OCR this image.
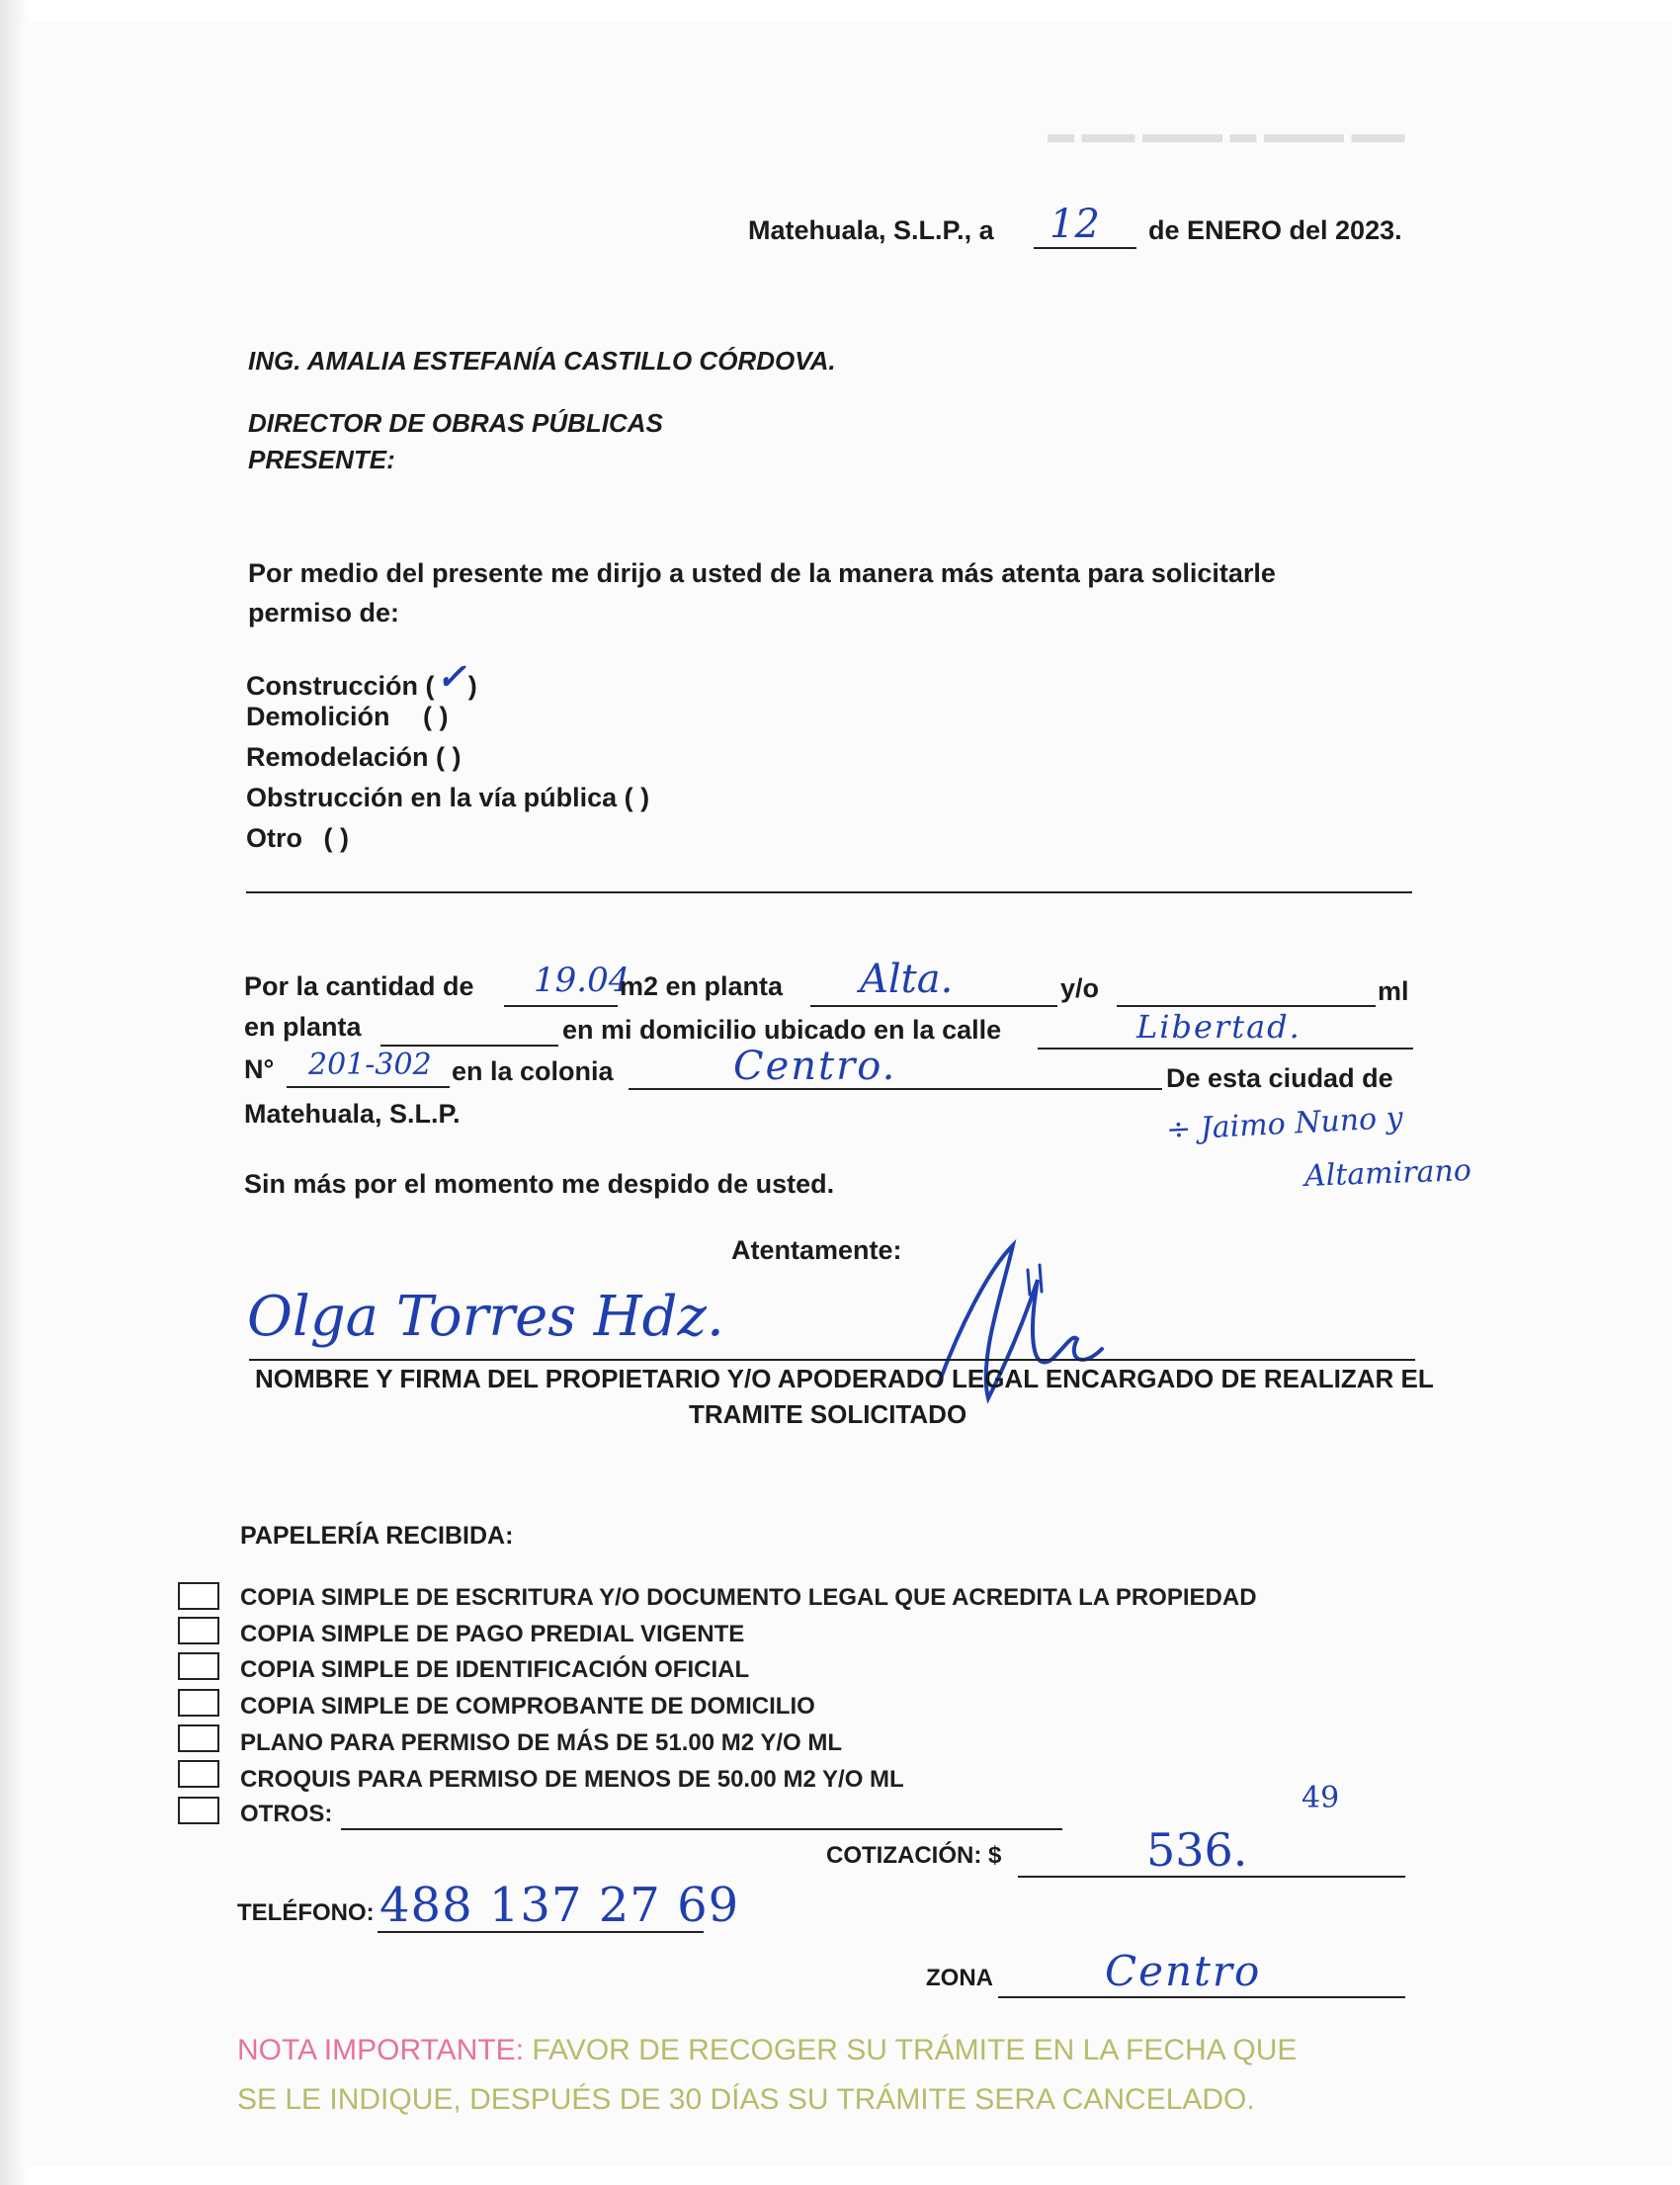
▬ ▬▬ ▬▬▬ ▬ ▬▬▬ ▬▬
Matehuala, S.L.P., a 12 de ENERO del 2023.
ING. AMALIA ESTEFANÍA CASTILLO CÓRDOVA.
DIRECTOR DE OBRAS PÚBLICAS
PRESENTE:
Por medio del presente me dirijo a usted de la manera más atenta para solicitarle
permiso de:
Construcción (✓)
Demolición ( )
Remodelación ( )
Obstrucción en la vía pública ( )
Otro ( )
Por la cantidad de 19.04
m2 en planta Alta.	y/o	ml
en planta	en mi domicilio ubicado en la calle	Libertad.
N° 201-302 en la colonia	Centro.	De esta ciudad de
Matehuala, S.L.P.	÷ Jaimo Nuno y
Altamirano
Sin más por el momento me despido de usted.
Atentamente:
Olga Torres Hdz.
NOMBRE Y FIRMA DEL PROPIETARIO Y/O APODERADO LEGAL ENCARGADO DE REALIZAR EL
TRAMITE SOLICITADO
PAPELERÍA RECIBIDA:
COPIA SIMPLE DE ESCRITURA Y/O DOCUMENTO LEGAL QUE ACREDITA LA PROPIEDAD
COPIA SIMPLE DE PAGO PREDIAL VIGENTE
COPIA SIMPLE DE IDENTIFICACIÓN OFICIAL
COPIA SIMPLE DE COMPROBANTE DE DOMICILIO
PLANO PARA PERMISO DE MÁS DE 51.00 M2 Y/O ML
CROQUIS PARA PERMISO DE MENOS DE 50.00 M2 Y/O ML
OTROS:
COTIZACIÓN: $	536.
49
TELÉFONO: 488 137 27 69
ZONA	Centro
NOTA IMPORTANTE: FAVOR DE RECOGER SU TRÁMITE EN LA FECHA QUE
SE LE INDIQUE, DESPUÉS DE 30 DÍAS SU TRÁMITE SERA CANCELADO.
